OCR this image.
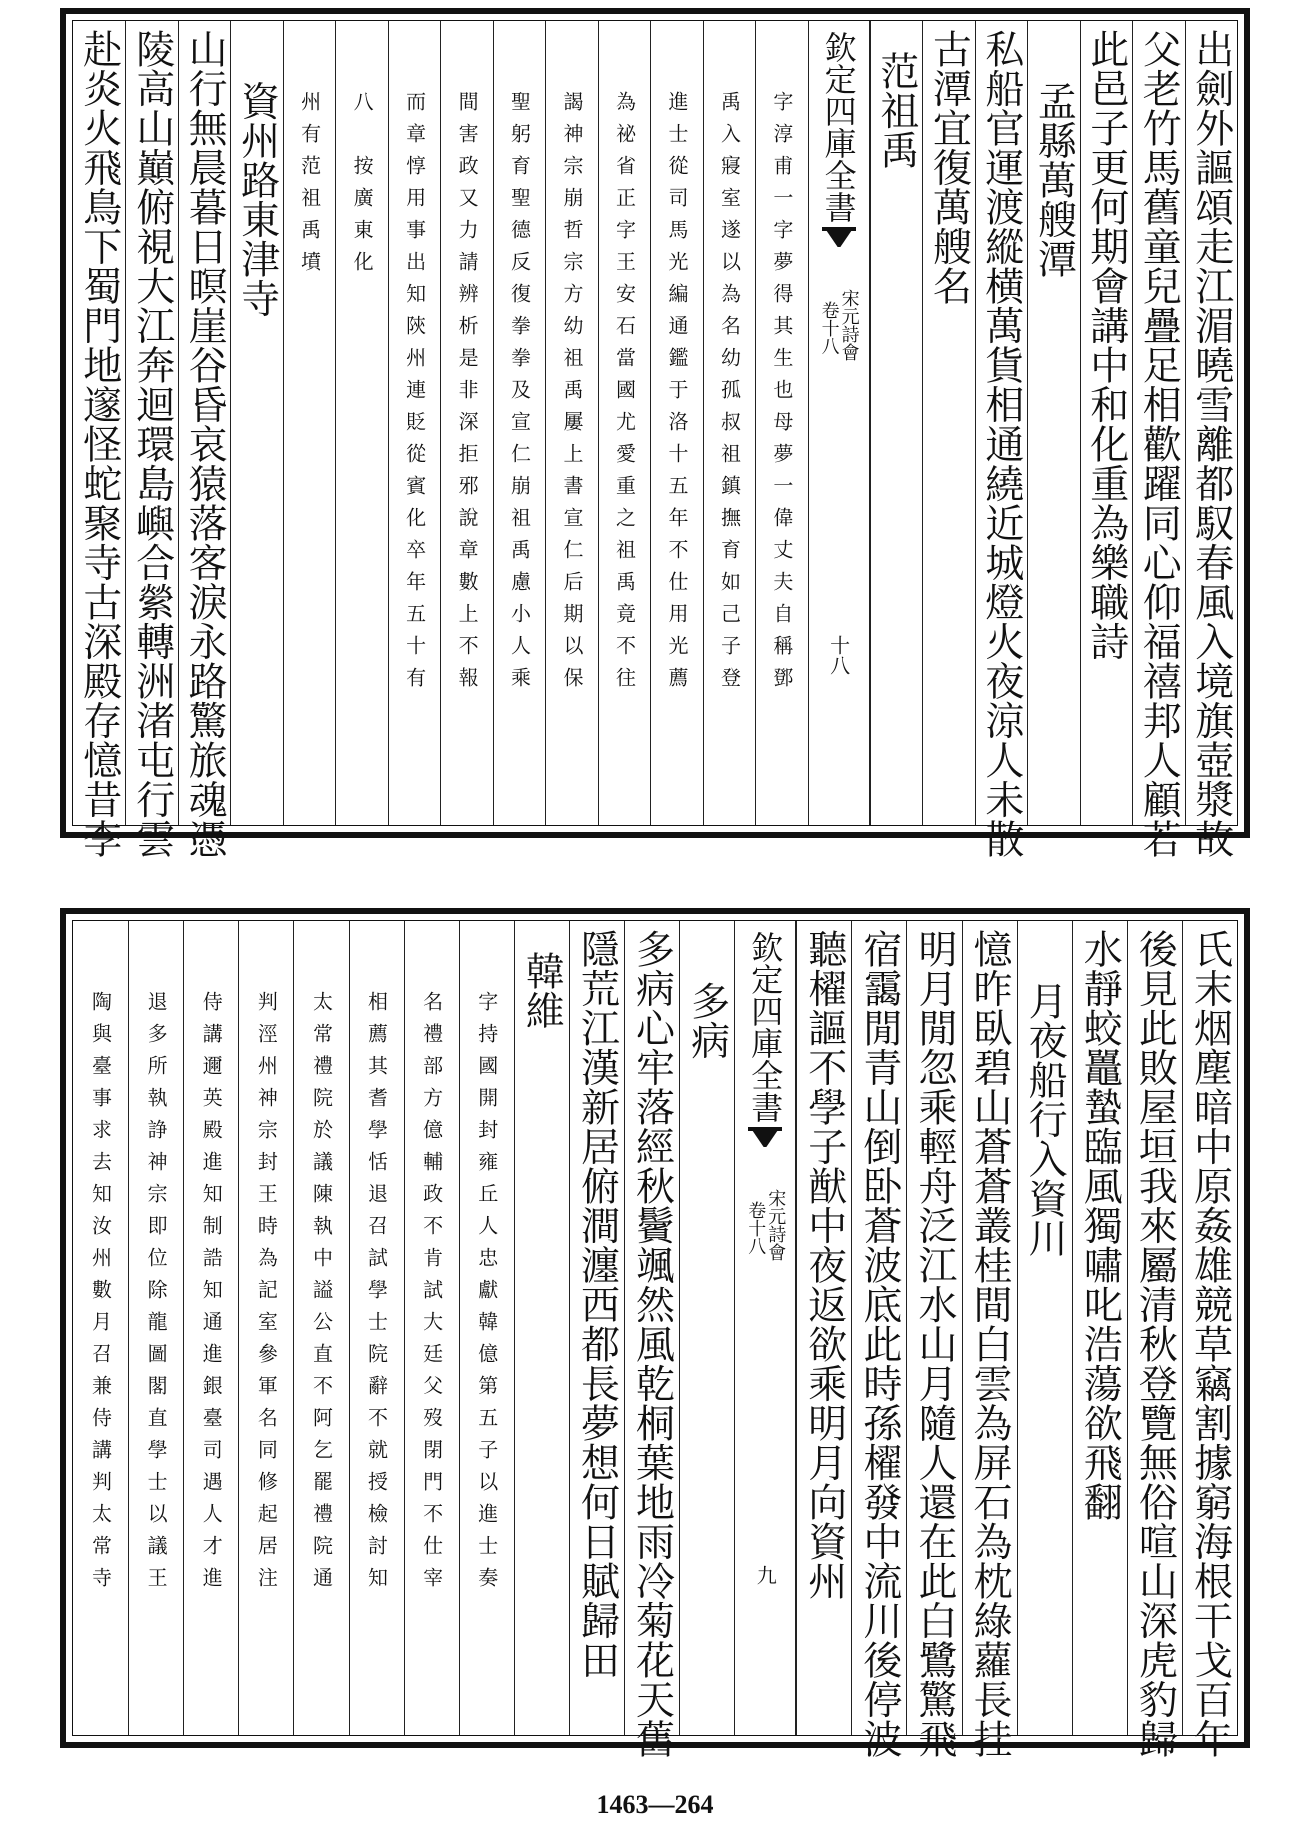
出劍外謳頌走江湄曉雪離都馭春風入境旗壺漿故
父老竹馬舊童兒疊足相歡躍同心仰福禧邦人顧若
此邑子更何期會講中和化重為樂職詩
孟縣萬艘潭
私船官運渡縱横萬貨相通繞近城燈火夜涼人未散
古潭宜復萬艘名
范祖禹
欽定四庫全書
宋元詩會
卷十八
十八
字淳甫一字夢得其生也母夢一偉丈夫自稱鄧
禹入寢室遂以為名幼孤叔祖鎮撫育如己子登
進士從司馬光編通鑑于洛十五年不仕用光薦
為祕省正字王安石當國尤愛重之祖禹竟不往
謁神宗崩哲宗方幼祖禹屢上書宣仁后期以保
聖躬育聖德反復拳拳及宣仁崩祖禹慮小人乘
間害政又力請辨析是非深拒邪說章數上不報
而章惇用事出知陝州連貶從賓化卒年五十有
八　按廣東化
州有范祖禹墳
資州路東津寺
山行無晨暮日暝崖谷昏哀猿落客淚永路驚旅魂憑
陵高山巔俯視大江奔迴環島嶼合縈轉洲渚屯行雲
赴炎火飛鳥下蜀門地邃怪蛇聚寺古深殿存憶昔李
氏末烟塵暗中原姦雄競草竊割據窮海根干戈百年
後見此敗屋垣我來屬清秋登覽無俗喧山深虎豹歸
水靜蛟鼉蟄臨風獨嘯叱浩蕩欲飛翻
月夜船行入資川
憶昨臥碧山蒼蒼叢桂間白雲為屏石為枕綠蘿長挂
明月閒忽乘輕舟泛江水山月隨人還在此白鷺驚飛
宿靄閒青山倒卧蒼波底此時孫櫂發中流川後停波
聽櫂謳不學子猷中夜返欲乘明月向資州
欽定四庫全書
宋元詩會
卷十八
九
多病
多病心牢落經秋鬢颯然風乾桐葉地雨冷菊花天舊
隱荒江漢新居俯澗瀍西都長夢想何日賦歸田
韓維
字持國開封雍丘人忠獻韓億第五子以進士奏
名禮部方億輔政不肯試大廷父歿閉門不仕宰
相薦其耆學恬退召試學士院辭不就授檢討知
太常禮院於議陳執中謚公直不阿乞罷禮院通
判涇州神宗封王時為記室參軍名同修起居注
侍講邇英殿進知制誥知通進銀臺司遇人才進
退多所執諍神宗即位除龍圖閣直學士以議王
陶與臺事求去知汝州數月召兼侍講判太常寺
1463—264
